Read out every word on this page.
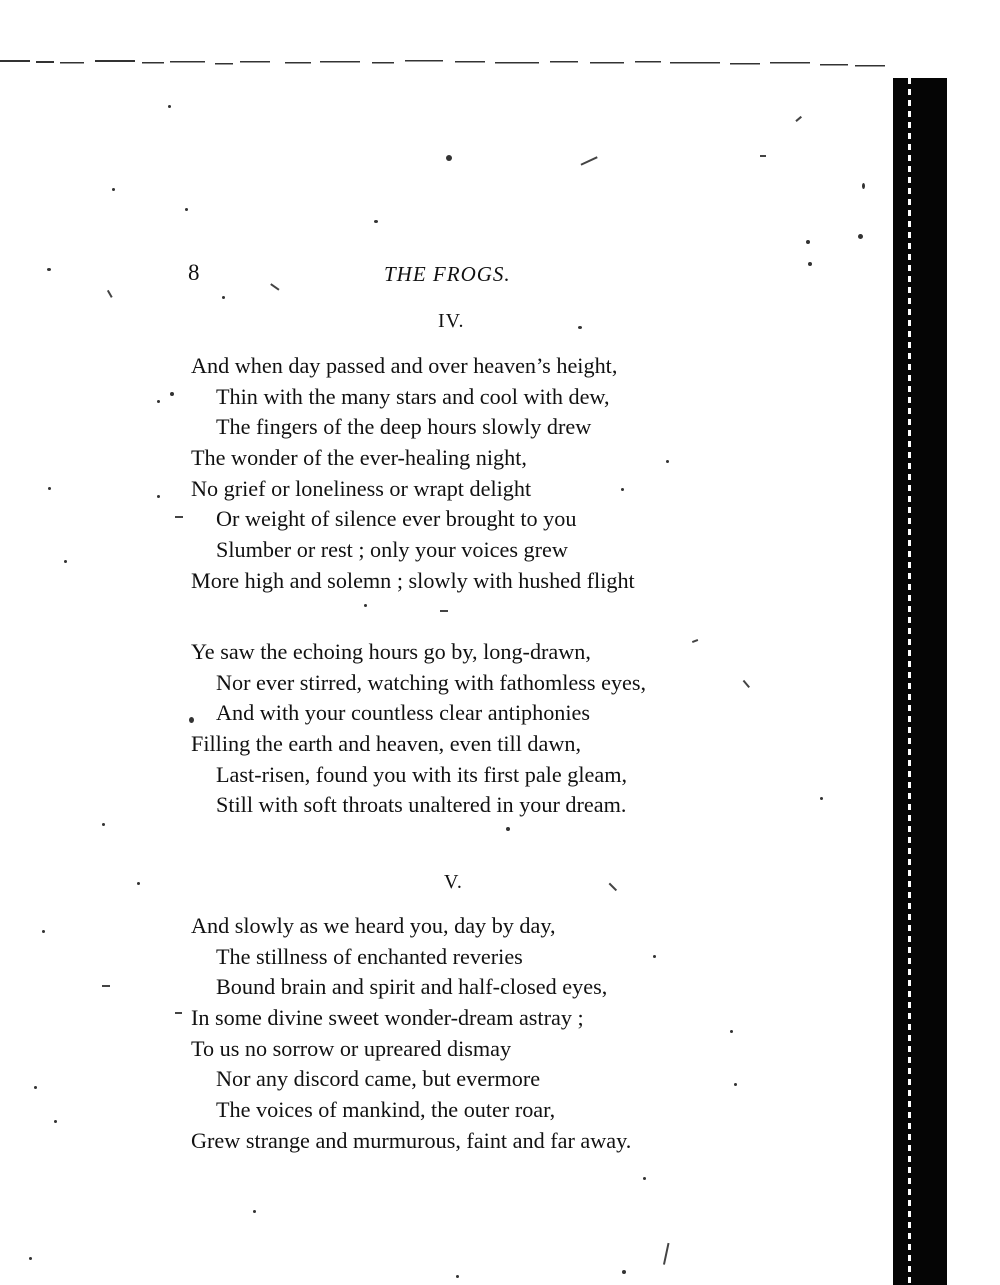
8	THE FROGS.
IV.
And when day passed and over heaven’s height,
Thin with the many stars and cool with dew,
The fingers of the deep hours slowly drew
The wonder of the ever-healing night,
No grief or loneliness or wrapt delight
Or weight of silence ever brought to you
Slumber or rest ; only your voices grew
More high and solemn ; slowly with hushed flight
Ye saw the echoing hours go by, long-drawn,
Nor ever stirred, watching with fathomless eyes,
And with your countless clear antiphonies
Filling the earth and heaven, even till dawn,
Last-risen, found you with its first pale gleam,
Still with soft throats unaltered in your dream.
V.
And slowly as we heard you, day by day,
The stillness of enchanted reveries
Bound brain and spirit and half-closed eyes,
In some divine sweet wonder-dream astray ;
To us no sorrow or upreared dismay
Nor any discord came, but evermore
The voices of mankind, the outer roar,
Grew strange and murmurous, faint and far away.
